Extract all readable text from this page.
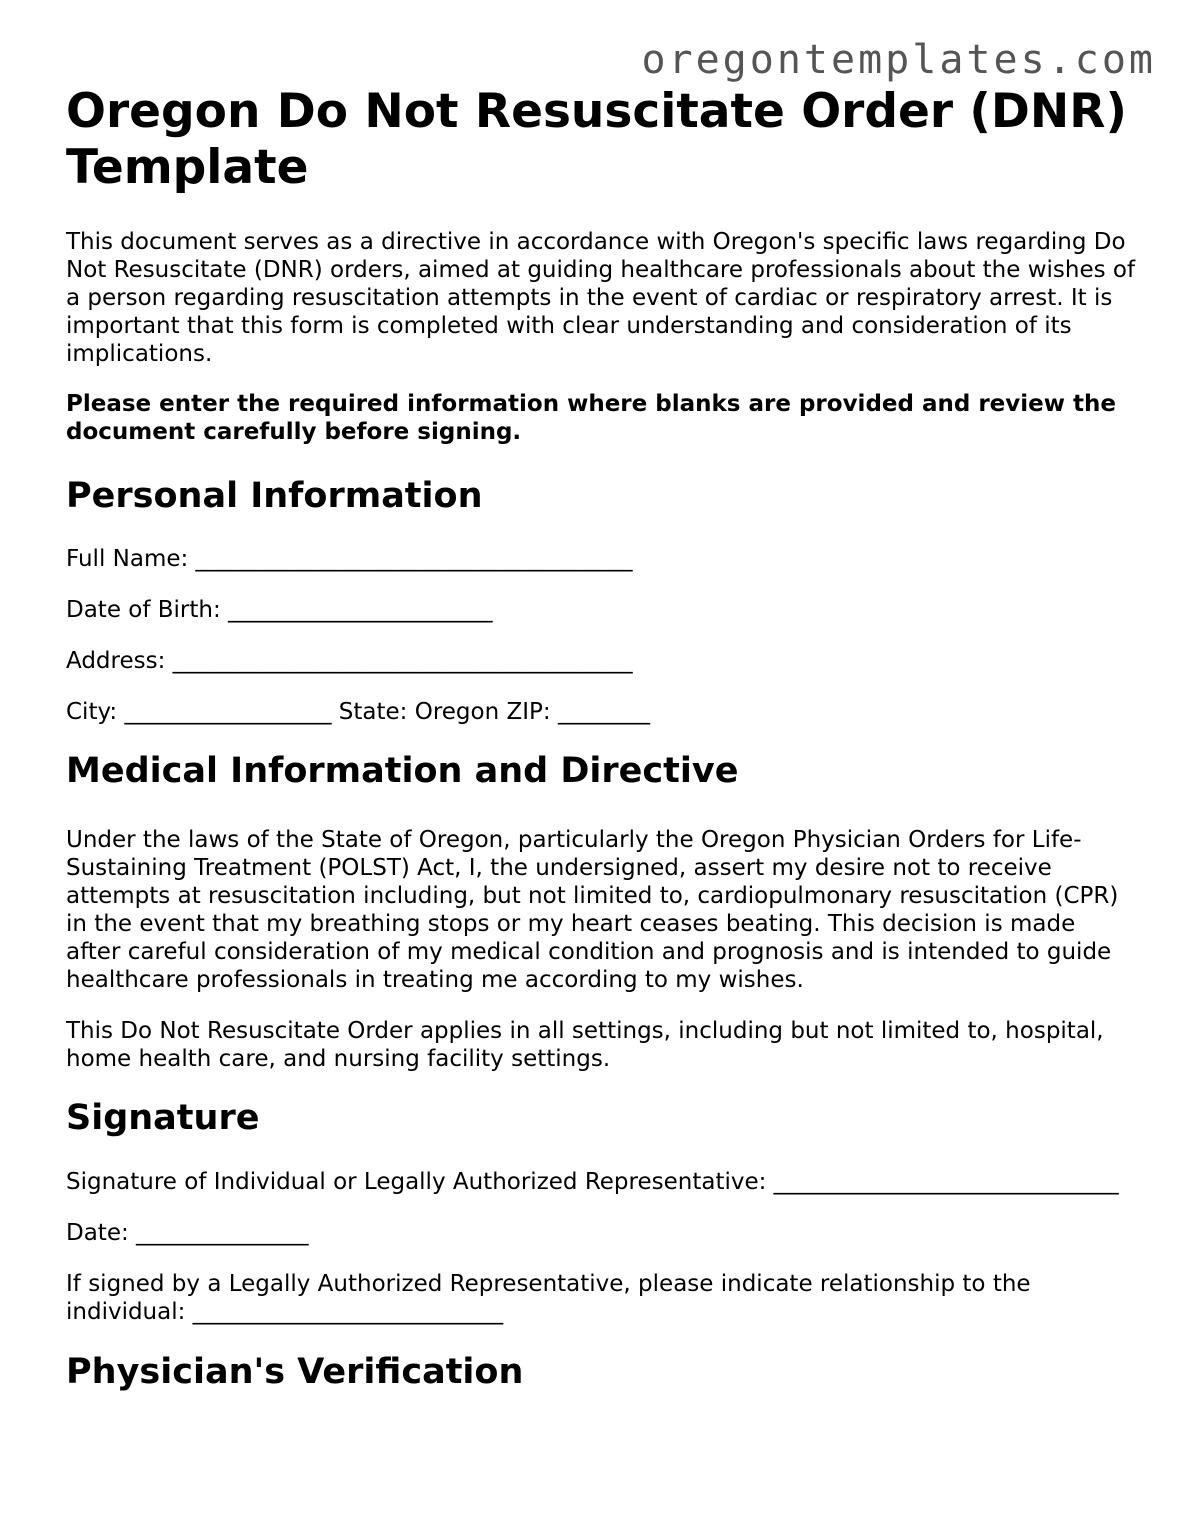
oregontemplates.com
Oregon Do Not Resuscitate Order (DNR) Template

This document serves as a directive in accordance with Oregon's specific laws regarding Do Not Resuscitate (DNR) orders, aimed at guiding healthcare professionals about the wishes of a person regarding resuscitation attempts in the event of cardiac or respiratory arrest. It is important that this form is completed with clear understanding and consideration of its implications.

Please enter the required information where blanks are provided and review the document carefully before signing.

Personal Information

Full Name: ______________________________________

Date of Birth: _______________________

Address: ________________________________________

City: __________________ State: Oregon ZIP: ________

Medical Information and Directive

Under the laws of the State of Oregon, particularly the Oregon Physician Orders for Life-Sustaining Treatment (POLST) Act, I, the undersigned, assert my desire not to receive attempts at resuscitation including, but not limited to, cardiopulmonary resuscitation (CPR) in the event that my breathing stops or my heart ceases beating. This decision is made after careful consideration of my medical condition and prognosis and is intended to guide healthcare professionals in treating me according to my wishes.

This Do Not Resuscitate Order applies in all settings, including but not limited to, hospital, home health care, and nursing facility settings.

Signature

Signature of Individual or Legally Authorized Representative: ______________________________

Date: _______________

If signed by a Legally Authorized Representative, please indicate relationship to the individual: ___________________________

Physician's Verification
